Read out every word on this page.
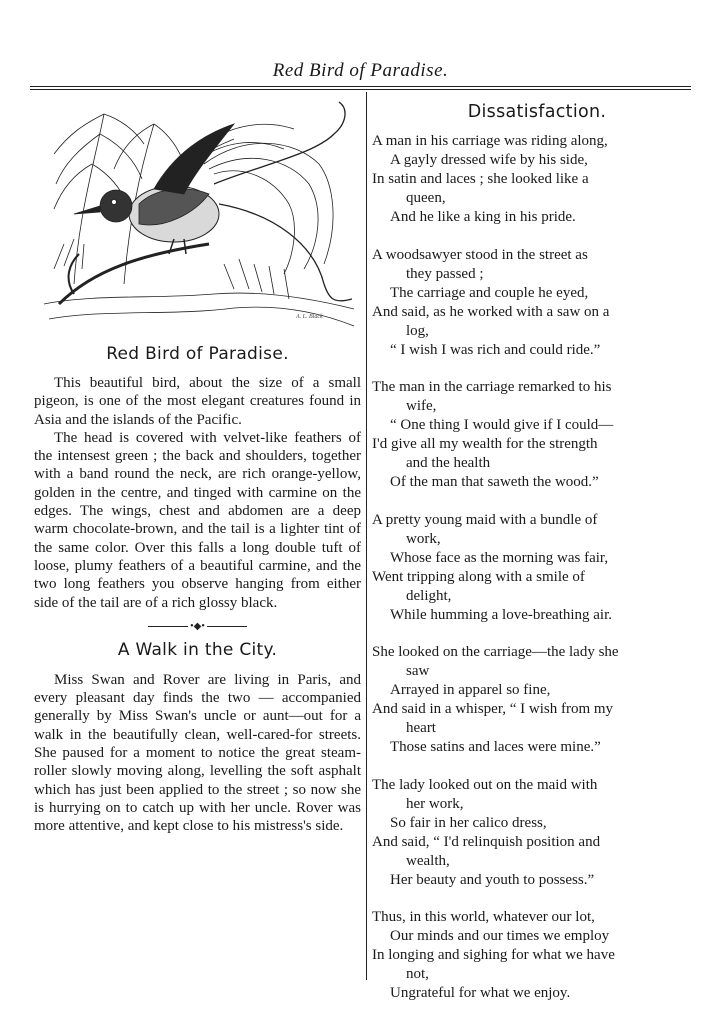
Red Bird of Paradise.
A. L. Black
Red Bird of Paradise.

This beautiful bird, about the size of a small pigeon, is one of the most elegant creatures found in Asia and the islands of the Pacific.

The head is covered with velvet-like feathers of the intensest green ; the back and shoulders, together with a band round the neck, are rich orange-yellow, golden in the centre, and tinged with carmine on the edges. The wings, chest and abdomen are a deep warm chocolate-brown, and the tail is a lighter tint of the same color. Over this falls a long double tuft of loose, plumy feathers of a beautiful carmine, and the two long feathers you observe hanging from either side of the tail are of a rich glossy black.

•◆•
A Walk in the City.

Miss Swan and Rover are living in Paris, and every pleasant day finds the two — accompanied generally by Miss Swan's uncle or aunt—out for a walk in the beautifully clean, well-cared-for streets. She paused for a moment to notice the great steam-roller slowly moving along, levelling the soft asphalt which has just been applied to the street ; so now she is hurrying on to catch up with her uncle. Rover was more attentive, and kept close to his mistress's side.

Dissatisfaction.

A man in his carriage was riding along,

A gayly dressed wife by his side,

In satin and laces ; she looked like a

queen,

And he like a king in his pride.

A woodsawyer stood in the street as

they passed ;

The carriage and couple he eyed,

And said, as he worked with a saw on a

log,

“ I wish I was rich and could ride.”

The man in the carriage remarked to his

wife,

“ One thing I would give if I could—

I'd give all my wealth for the strength

and the health

Of the man that saweth the wood.”

A pretty young maid with a bundle of

work,

Whose face as the morning was fair,

Went tripping along with a smile of

delight,

While humming a love-breathing air.

She looked on the carriage—the lady she

saw

Arrayed in apparel so fine,

And said in a whisper, “ I wish from my

heart

Those satins and laces were mine.”

The lady looked out on the maid with

her work,

So fair in her calico dress,

And said, “ I'd relinquish position and

wealth,

Her beauty and youth to possess.”

Thus, in this world, whatever our lot,

Our minds and our times we employ

In longing and sighing for what we have

not,

Ungrateful for what we enjoy.
